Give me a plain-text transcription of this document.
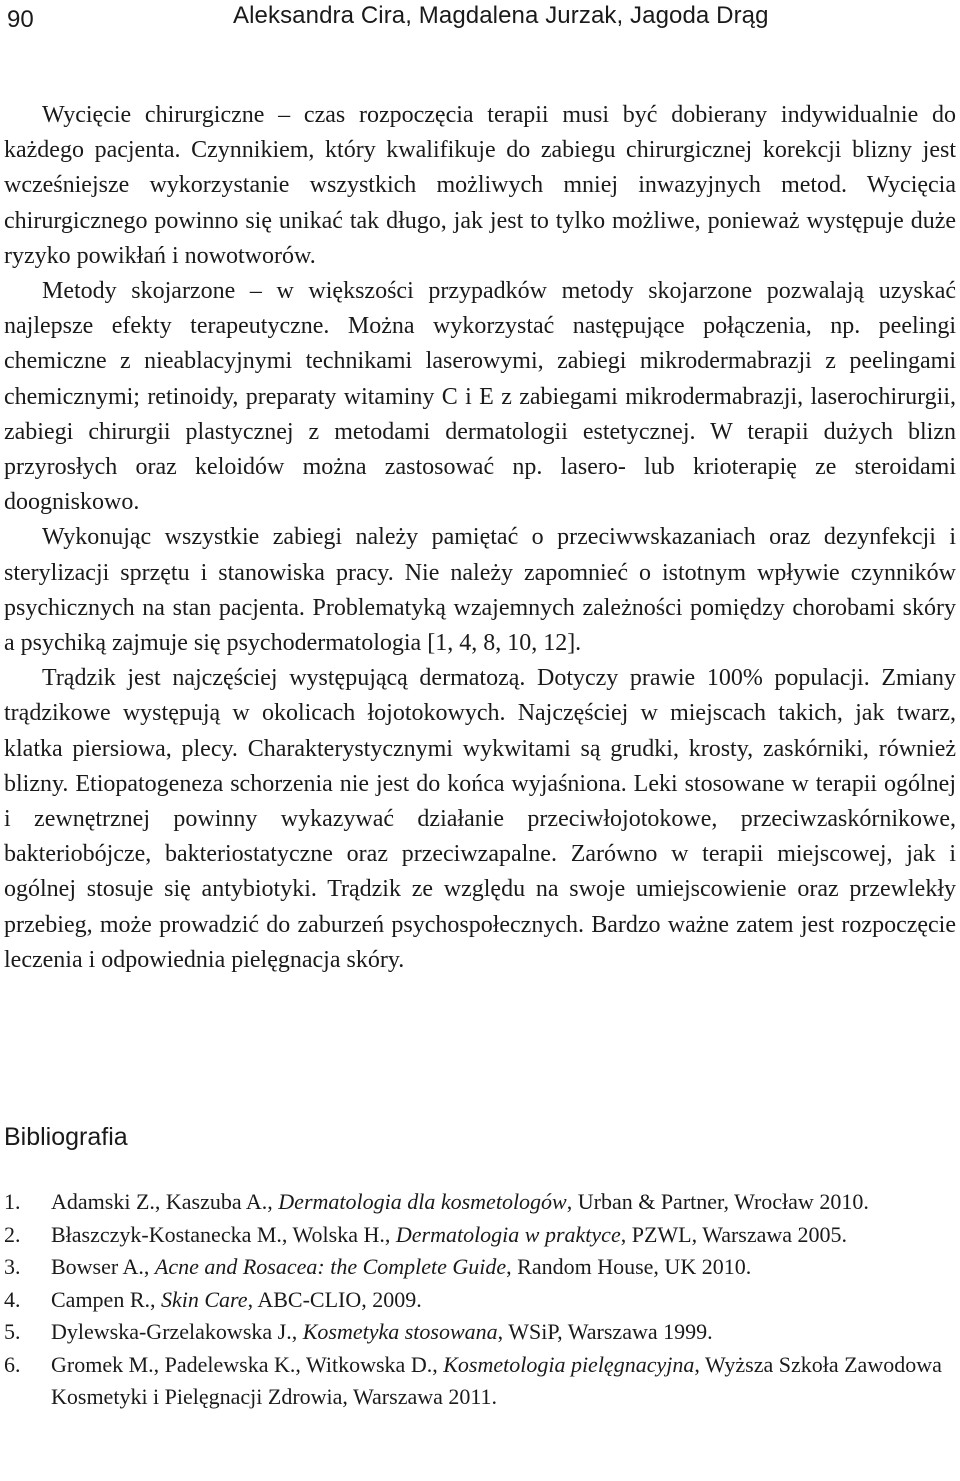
90	Aleksandra Cira, Magdalena Jurzak, Jagoda Drąg

Wycięcie chirurgiczne – czas rozpoczęcia terapii musi być dobierany indywidualnie do każdego pacjenta. Czynnikiem, który kwalifikuje do zabiegu chirurgicznej korekcji blizny jest wcześniejsze wykorzystanie wszystkich możliwych mniej inwazyjnych metod. Wycięcia chirurgicznego powinno się unikać tak długo, jak jest to tylko możliwe, ponieważ występuje duże ryzyko powikłań i nowotworów.

Metody skojarzone – w większości przypadków metody skojarzone pozwalają uzyskać najlepsze efekty terapeutyczne. Można wykorzystać następujące połączenia, np. peelingi chemiczne z nieablacyjnymi technikami laserowymi, zabiegi mikrodermabrazji z peelingami chemicznymi; retinoidy, preparaty witaminy C i E z zabiegami mikrodermabrazji, laserochirurgii, zabiegi chirurgii plastycznej z metodami dermatologii estetycznej. W terapii dużych blizn przyrosłych oraz keloidów można zastosować np. lasero- lub krioterapię ze steroidami doogniskowo.

Wykonując wszystkie zabiegi należy pamiętać o przeciwwskazaniach oraz dezynfekcji i sterylizacji sprzętu i stanowiska pracy. Nie należy zapomnieć o istotnym wpływie czynników psychicznych na stan pacjenta. Problematyką wzajemnych zależności pomiędzy chorobami skóry a psychiką zajmuje się psychodermatologia [1, 4, 8, 10, 12].

Trądzik jest najczęściej występującą dermatozą. Dotyczy prawie 100% populacji. Zmiany trądzikowe występują w okolicach łojotokowych. Najczęściej w miejscach takich, jak twarz, klatka piersiowa, plecy. Charakterystycznymi wykwitami są grudki, krosty, zaskórniki, również blizny. Etiopatogeneza schorzenia nie jest do końca wyjaśniona. Leki stosowane w terapii ogólnej i zewnętrznej powinny wykazywać działanie przeciwłojotokowe, przeciwzaskórnikowe, bakteriobójcze, bakteriostatyczne oraz przeciwzapalne. Zarówno w terapii miejscowej, jak i ogólnej stosuje się antybiotyki. Trądzik ze względu na swoje umiejscowienie oraz przewlekły przebieg, może prowadzić do zaburzeń psychospołecznych. Bardzo ważne zatem jest rozpoczęcie leczenia i odpowiednia pielęgnacja skóry.

Bibliografia
1. Adamski Z., Kaszuba A., Dermatologia dla kosmetologów, Urban & Partner, Wrocław 2010.
2. Błaszczyk-Kostanecka M., Wolska H., Dermatologia w praktyce, PZWL, Warszawa 2005.
3. Bowser A., Acne and Rosacea: the Complete Guide, Random House, UK 2010.
4. Campen R., Skin Care, ABC-CLIO, 2009.
5. Dylewska-Grzelakowska J., Kosmetyka stosowana, WSiP, Warszawa 1999.
6. Gromek M., Padelewska K., Witkowska D., Kosmetologia pielęgnacyjna, Wyższa Szkoła Zawodowa Kosmetyki i Pielęgnacji Zdrowia, Warszawa 2011.
